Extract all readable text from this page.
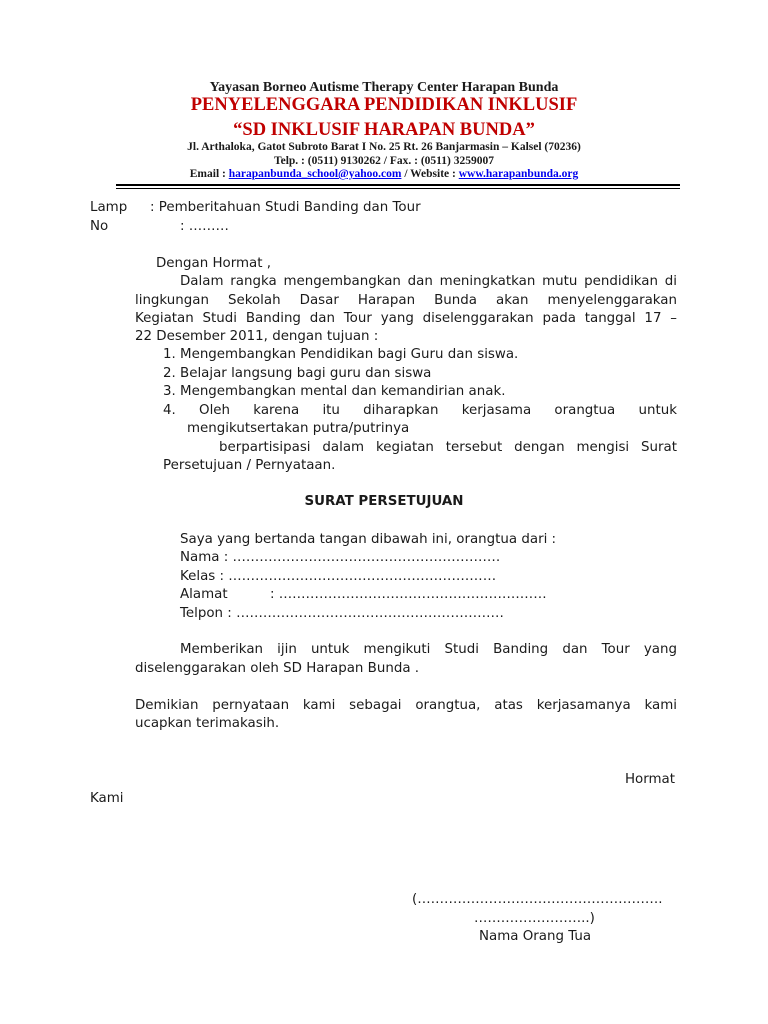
Yayasan Borneo Autisme Therapy Center Harapan Bunda
PENYELENGGARA PENDIDIKAN INKLUSIF
“SD INKLUSIF HARAPAN BUNDA”
Jl. Arthaloka, Gatot Subroto Barat I No. 25 Rt. 26 Banjarmasin – Kalsel (70236)
Telp. : (0511) 9130262 / Fax. : (0511) 3259007
Email : harapanbunda_school@yahoo.com / Website : www.harapanbunda.org
Lamp : Pemberitahuan Studi Banding dan Tour
No	: ………
Dengan Hormat ,
Dalam rangka mengembangkan dan meningkatkan mutu pendidikan di
lingkungan Sekolah Dasar Harapan Bunda akan menyelenggarakan
Kegiatan Studi Banding dan Tour yang diselenggarakan pada tanggal 17 –
22 Desember 2011, dengan tujuan :
1. Mengembangkan Pendidikan bagi Guru dan siswa.
2. Belajar langsung bagi guru dan siswa
3. Mengembangkan mental dan kemandirian anak.
4. Oleh karena itu diharapkan kerjasama orangtua untuk
mengikutsertakan putra/putrinya
berpartisipasi dalam kegiatan tersebut dengan mengisi Surat
Persetujuan / Pernyataan.
SURAT PERSETUJUAN
Saya yang bertanda tangan dibawah ini, orangtua dari :
Nama : ……………………………………………………
Kelas : ……………………………………………………
Alamat	: ……………………………………………………
Telpon : ……………………………………………………
Memberikan ijin untuk mengikuti Studi Banding dan Tour yang
diselenggarakan oleh SD Harapan Bunda .
Demikian pernyataan kami sebagai orangtua, atas kerjasamanya kami
ucapkan terimakasih.
Hormat
Kami
(……………………………………………….
……………………..)
Nama Orang Tua
